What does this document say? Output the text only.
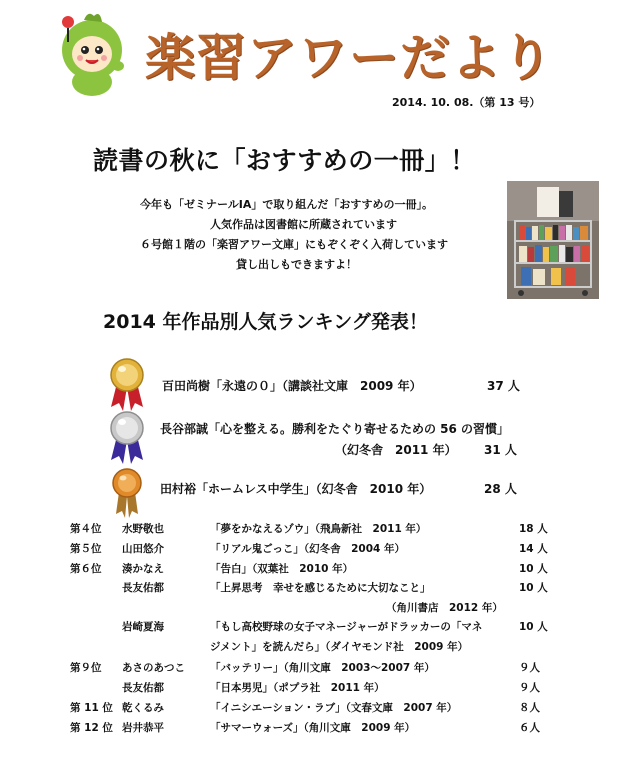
楽習アワーだより
2014. 10. 08.（第 13 号）
読書の秋に「おすすめの一冊」！
今年も「ゼミナールⅠA」で取り組んだ「おすすめの一冊」。
人気作品は図書館に所蔵されています
６号館１階の「楽習アワー文庫」にもぞくぞく入荷しています
貸し出しもできますよ！
2014 年作品別人気ランキング発表！
百田尚樹「永遠の０」（講談社文庫　2009 年）	37 人
長谷部誠「心を整える。勝利をたぐり寄せるための 56 の習慣」
（幻冬舎　2011 年） 31 人
田村裕「ホームレス中学生」（幻冬舎　2010 年）	28 人
第４位 水野敬也	「夢をかなえるゾウ」（飛鳥新社　2011 年）	18 人
第５位 山田悠介	「リアル鬼ごっこ」（幻冬舎　2004 年）	14 人
第６位 湊かなえ	「告白」（双葉社　2010 年）	10 人
長友佑都	「上昇思考　幸せを感じるために大切なこと」	10 人
（角川書店　2012 年）
岩崎夏海	「もし高校野球の女子マネージャーがドラッカーの「マネ	10 人
ジメント」を読んだら」（ダイヤモンド社　2009 年）
第９位 あさのあつこ 「バッテリー」（角川文庫　2003～2007 年）	９人
長友佑都	「日本男児」（ポプラ社　2011 年）	９人
第 11 位 乾くるみ	「イニシエーション・ラブ」（文春文庫　2007 年）	８人
第 12 位 岩井恭平	「サマーウォーズ」（角川文庫　2009 年）	６人
